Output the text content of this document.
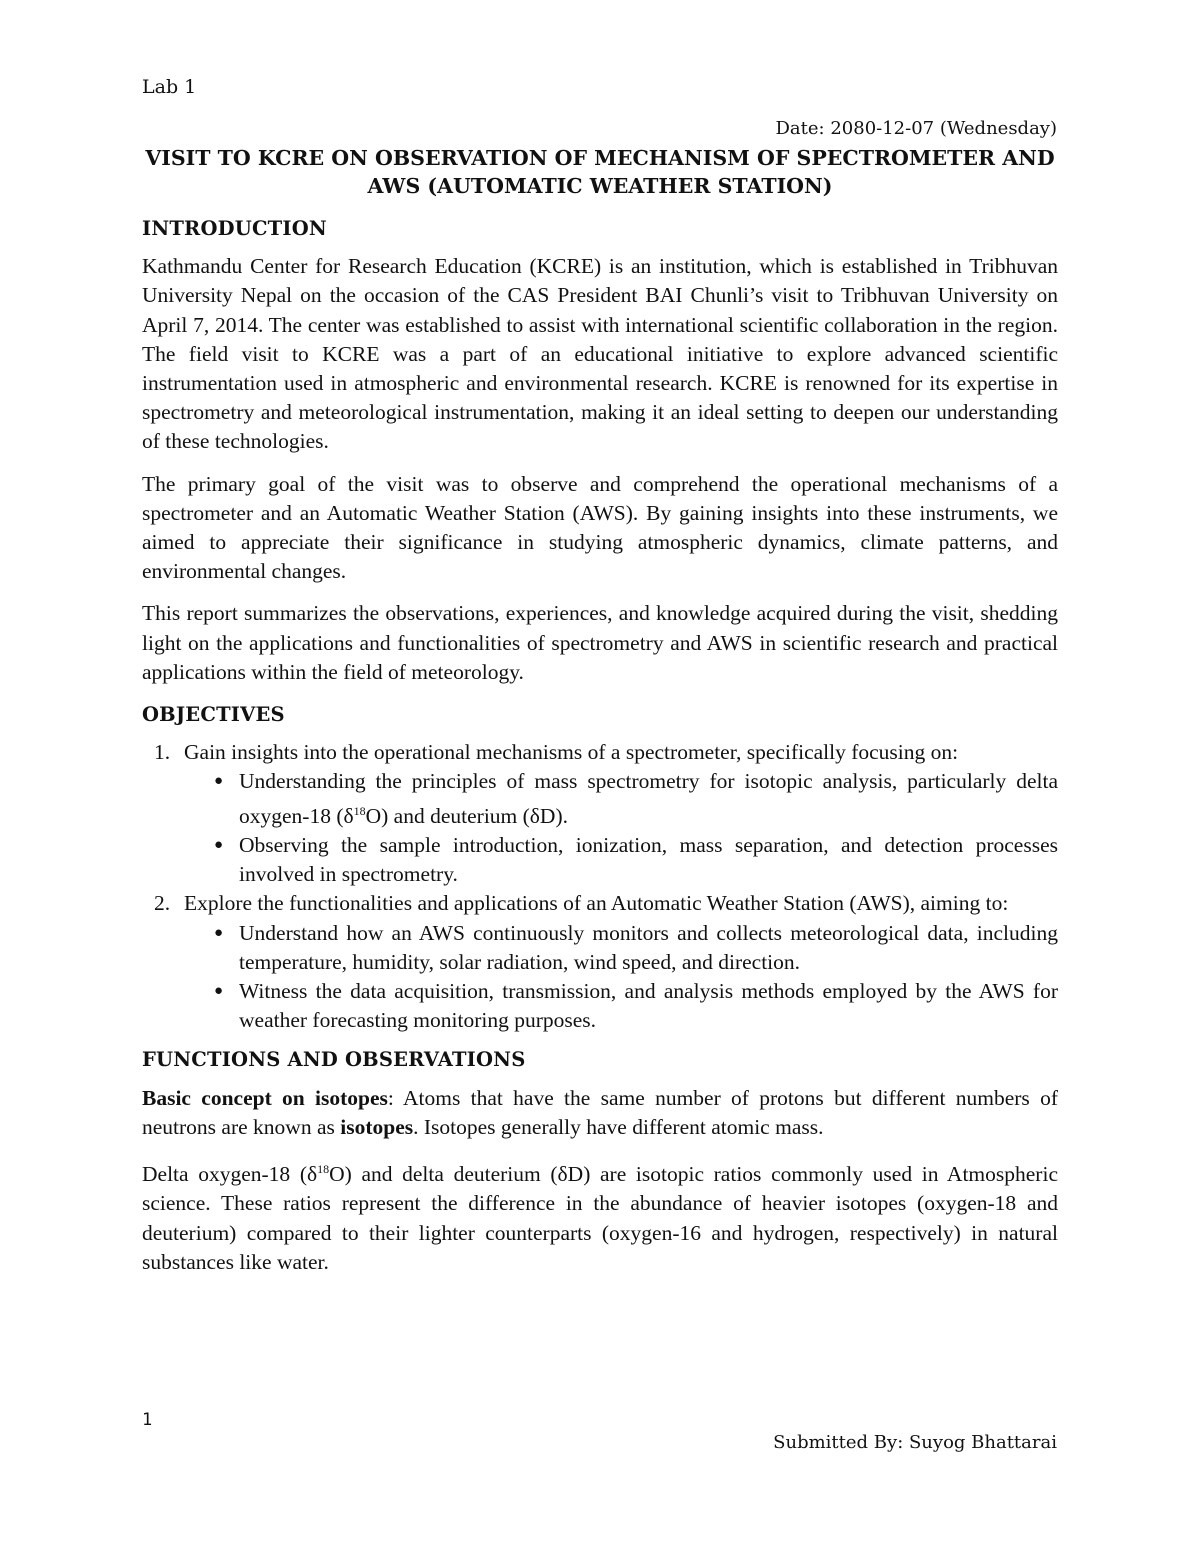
Lab 1
Date: 2080-12-07 (Wednesday)
VISIT TO KCRE ON OBSERVATION OF MECHANISM OF SPECTROMETER AND AWS (AUTOMATIC WEATHER STATION)
INTRODUCTION

Kathmandu Center for Research Education (KCRE) is an institution, which is established in Tribhuvan University Nepal on the occasion of the CAS President BAI Chunli’s visit to Tribhuvan University on April 7, 2014. The center was established to assist with international scientific collaboration in the region. The field visit to KCRE was a part of an educational initiative to explore advanced scientific instrumentation used in atmospheric and environmental research. KCRE is renowned for its expertise in spectrometry and meteorological instrumentation, making it an ideal setting to deepen our understanding of these technologies.

The primary goal of the visit was to observe and comprehend the operational mechanisms of a spectrometer and an Automatic Weather Station (AWS). By gaining insights into these instruments, we aimed to appreciate their significance in studying atmospheric dynamics, climate patterns, and environmental changes.

This report summarizes the observations, experiences, and knowledge acquired during the visit, shedding light on the applications and functionalities of spectrometry and AWS in scientific research and practical applications within the field of meteorology.

OBJECTIVES
1. Gain insights into the operational mechanisms of a spectrometer, specifically focusing on:
● Understanding the principles of mass spectrometry for isotopic analysis, particularly delta oxygen-18 $(\delta^{18}O)$ and deuterium (δD).
● Observing the sample introduction, ionization, mass separation, and detection processes involved in spectrometry.
2. Explore the functionalities and applications of an Automatic Weather Station (AWS), aiming to:
● Understand how an AWS continuously monitors and collects meteorological data, including temperature, humidity, solar radiation, wind speed, and direction.
● Witness the data acquisition, transmission, and analysis methods employed by the AWS for weather forecasting monitoring purposes.
FUNCTIONS AND OBSERVATIONS

Basic concept on isotopes: Atoms that have the same number of protons but different numbers of neutrons are known as isotopes. Isotopes generally have different atomic mass.

Delta oxygen-18 $(\delta^{18}O)$ and delta deuterium (δD) are isotopic ratios commonly used in Atmospheric science. These ratios represent the difference in the abundance of heavier isotopes (oxygen-18 and deuterium) compared to their lighter counterparts (oxygen-16 and hydrogen, respectively) in natural substances like water.

1
Submitted By: Suyog Bhattarai
